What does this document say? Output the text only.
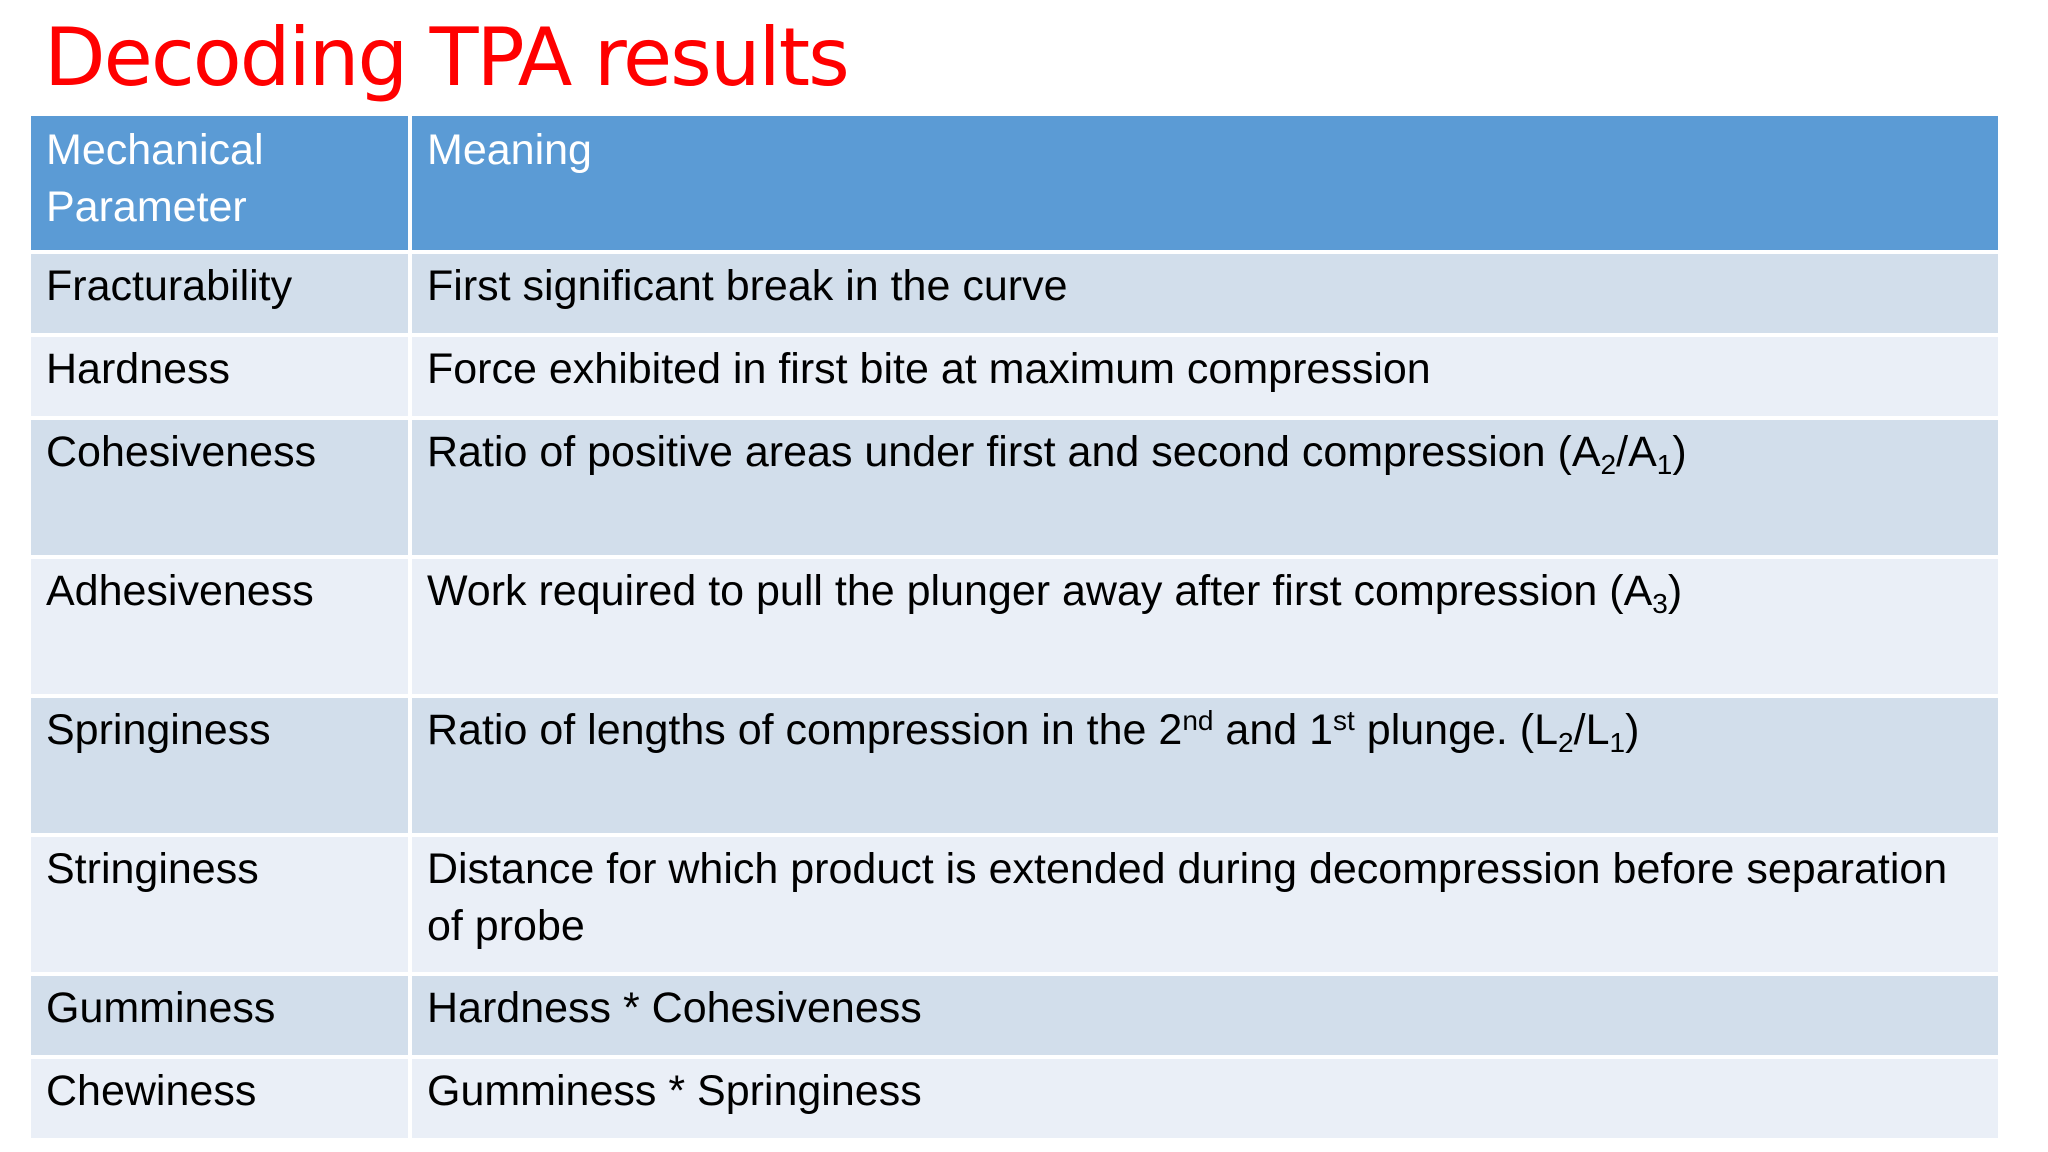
Decoding TPA results
Mechanical Parameter	Meaning
Fracturability	First significant break in the curve
Hardness	Force exhibited in first bite at maximum compression
Cohesiveness	Ratio of positive areas under first and second compression $(A_2/A_1)$
Adhesiveness	Work required to pull the plunger away after first compression $(A_3)$
Springiness	Ratio of lengths of compression in the 2nd and 1st plunge. $(L_2/L_1)$
Stringiness	Distance for which product is extended during decompression before separation of probe
Gumminess	Hardness * Cohesiveness
Chewiness	Gumminess * Springiness
